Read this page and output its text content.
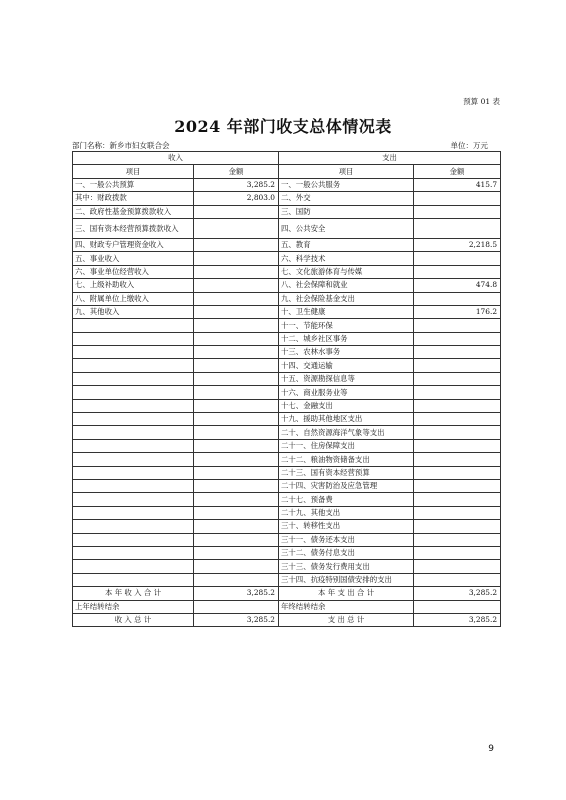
预算 01 表
2024 年部门收支总体情况表
部门名称：新乡市妇女联合会	单位：万元
收入		支出	
项目	金额	项目	金额
一、一般公共预算	3,285.2	一、一般公共服务	415.7
其中：财政拨款	2,803.0	二、外交	
二、政府性基金预算拨款收入		三、国防	
三、国有资本经营预算拨款收入		四、公共安全	
四、财政专户管理资金收入		五、教育	2,218.5
五、事业收入		六、科学技术	
六、事业单位经营收入		七、文化旅游体育与传媒	
七、上级补助收入		八、社会保障和就业	474.8
八、附属单位上缴收入		九、社会保险基金支出	
九、其他收入		十、卫生健康	176.2
		十一、节能环保	
		十二、城乡社区事务	
		十三、农林水事务	
		十四、交通运输	
		十五、资源勘探信息等	
		十六、商业服务业等	
		十七、金融支出	
		十九、援助其他地区支出	
		二十、自然资源海洋气象等支出	
		二十一、住房保障支出	
		二十二、粮油物资储备支出	
		二十三、国有资本经营预算	
		二十四、灾害防治及应急管理	
		二十七、预备费	
		二十九、其他支出	
		三十、转移性支出	
		三十一、债务还本支出	
		三十二、债务付息支出	
		三十三、债务发行费用支出	
		三十四、抗疫特别国债安排的支出	
本 年 收 入 合 计	3,285.2	本 年 支 出 合 计	3,285.2
上年结转结余		年终结转结余	
收 入 总 计	3,285.2	支 出 总 计	3,285.2
9
